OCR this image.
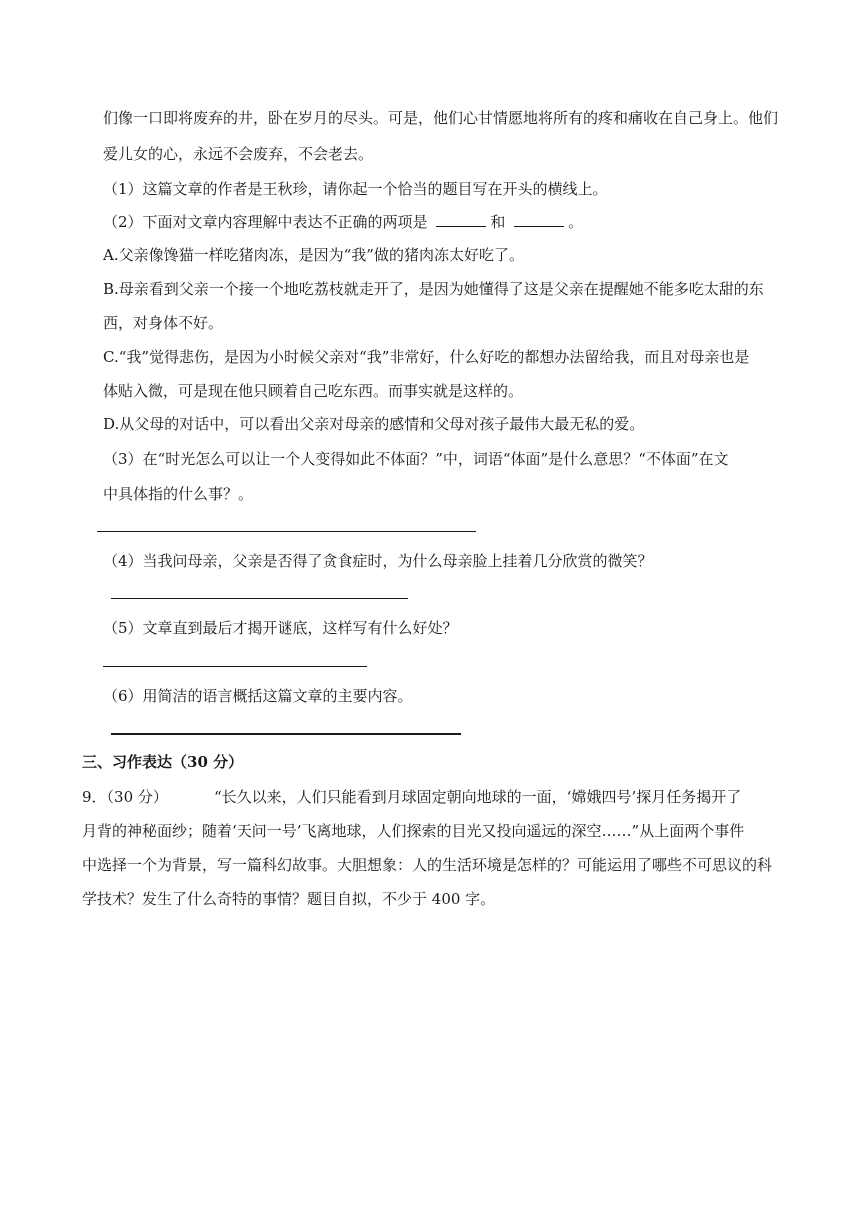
们像一口即将废弃的井，卧在岁月的尽头。可是，他们心甘情愿地将所有的疼和痛收在自己身上。他们
爱儿女的心，永远不会废弃，不会老去。
（1）这篇文章的作者是王秋珍，请你起一个恰当的题目写在开头的横线上。
（2）下面对文章内容理解中表达不正确的两项是	和	。
A.父亲像馋猫一样吃猪肉冻，是因为“我”做的猪肉冻太好吃了。
B.母亲看到父亲一个接一个地吃荔枝就走开了，是因为她懂得了这是父亲在提醒她不能多吃太甜的东
西，对身体不好。
C.“我”觉得悲伤，是因为小时候父亲对“我”非常好，什么好吃的都想办法留给我，而且对母亲也是
体贴入微，可是现在他只顾着自己吃东西。而事实就是这样的。
D.从父母的对话中，可以看出父亲对母亲的感情和父母对孩子最伟大最无私的爱。
（3）在“时光怎么可以让一个人变得如此不体面？”中，词语“体面”是什么意思？“不体面”在文
中具体指的什么事？。
（4）当我问母亲，父亲是否得了贪食症时，为什么母亲脸上挂着几分欣赏的微笑？
（5）文章直到最后才揭开谜底，这样写有什么好处？
（6）用简洁的语言概括这篇文章的主要内容。
三、习作表达（30 分）
9．（30 分）	“长久以来，人们只能看到月球固定朝向地球的一面，‘嫦娥四号’探月任务揭开了
月背的神秘面纱；随着‘天问一号’飞离地球，人们探索的目光又投向遥远的深空……”从上面两个事件
中选择一个为背景，写一篇科幻故事。大胆想象：人的生活环境是怎样的？可能运用了哪些不可思议的科
学技术？发生了什么奇特的事情？题目自拟，不少于 400 字。
